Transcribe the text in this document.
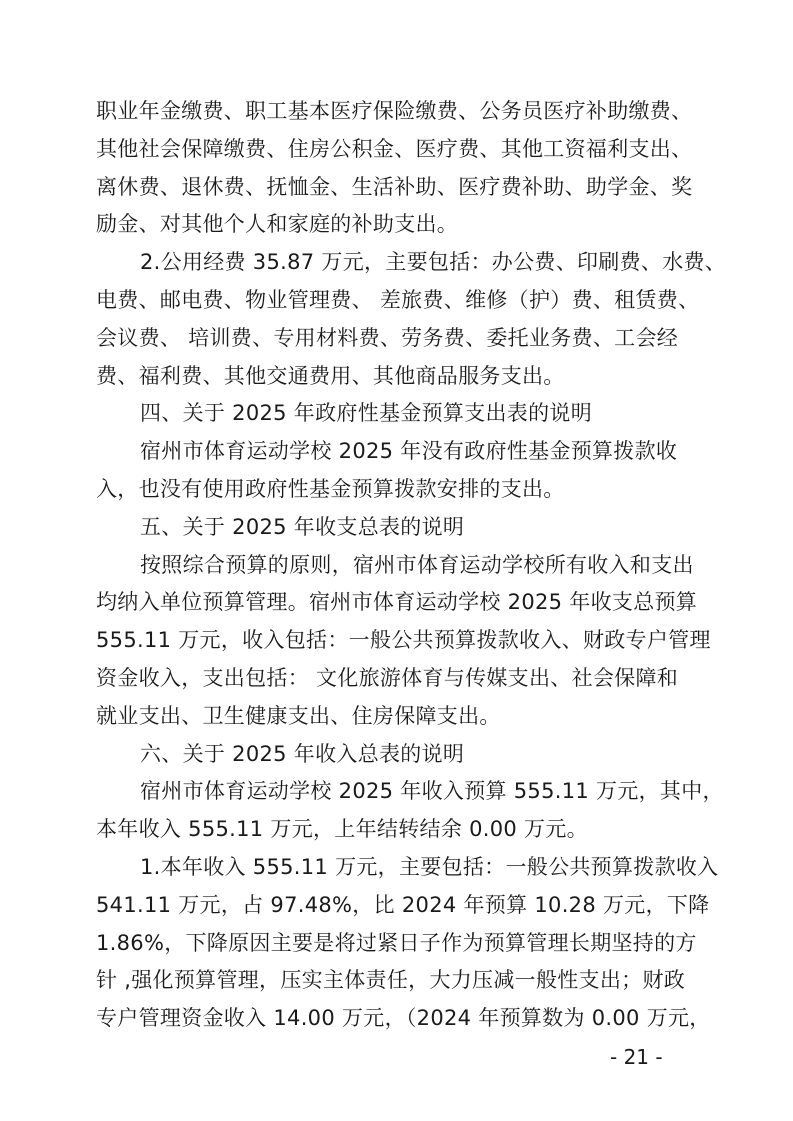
职业年金缴费、职工基本医疗保险缴费、公务员医疗补助缴费、
其他社会保障缴费、住房公积金、医疗费、其他工资福利支出、
离休费、退休费、抚恤金、生活补助、医疗费补助、助学金、奖
励金、对其他个人和家庭的补助支出。
2.公用经费 35.87 万元，主要包括：办公费、印刷费、水费、
电费、邮电费、物业管理费、 差旅费、维修（护）费、租赁费、
会议费、 培训费、专用材料费、劳务费、委托业务费、工会经
费、福利费、其他交通费用、其他商品服务支出。
四、关于 2025 年政府性基金预算支出表的说明
宿州市体育运动学校 2025 年没有政府性基金预算拨款收
入，也没有使用政府性基金预算拨款安排的支出。
五、关于 2025 年收支总表的说明
按照综合预算的原则，宿州市体育运动学校所有收入和支出
均纳入单位预算管理。宿州市体育运动学校 2025 年收支总预算
555.11 万元，收入包括：一般公共预算拨款收入、财政专户管理
资金收入，支出包括： 文化旅游体育与传媒支出、社会保障和
就业支出、卫生健康支出、住房保障支出。
六、关于 2025 年收入总表的说明
宿州市体育运动学校 2025 年收入预算 555.11 万元，其中，
本年收入 555.11 万元，上年结转结余 0.00 万元。
1.本年收入 555.11 万元，主要包括：一般公共预算拨款收入
541.11 万元，占 97.48%，比 2024 年预算 10.28 万元，下降
1.86%，下降原因主要是将过紧日子作为预算管理长期坚持的方
针 ,强化预算管理，压实主体责任，大力压减一般性支出；财政
专户管理资金收入 14.00 万元，（2024 年预算数为 0.00 万元，
- 21 -
